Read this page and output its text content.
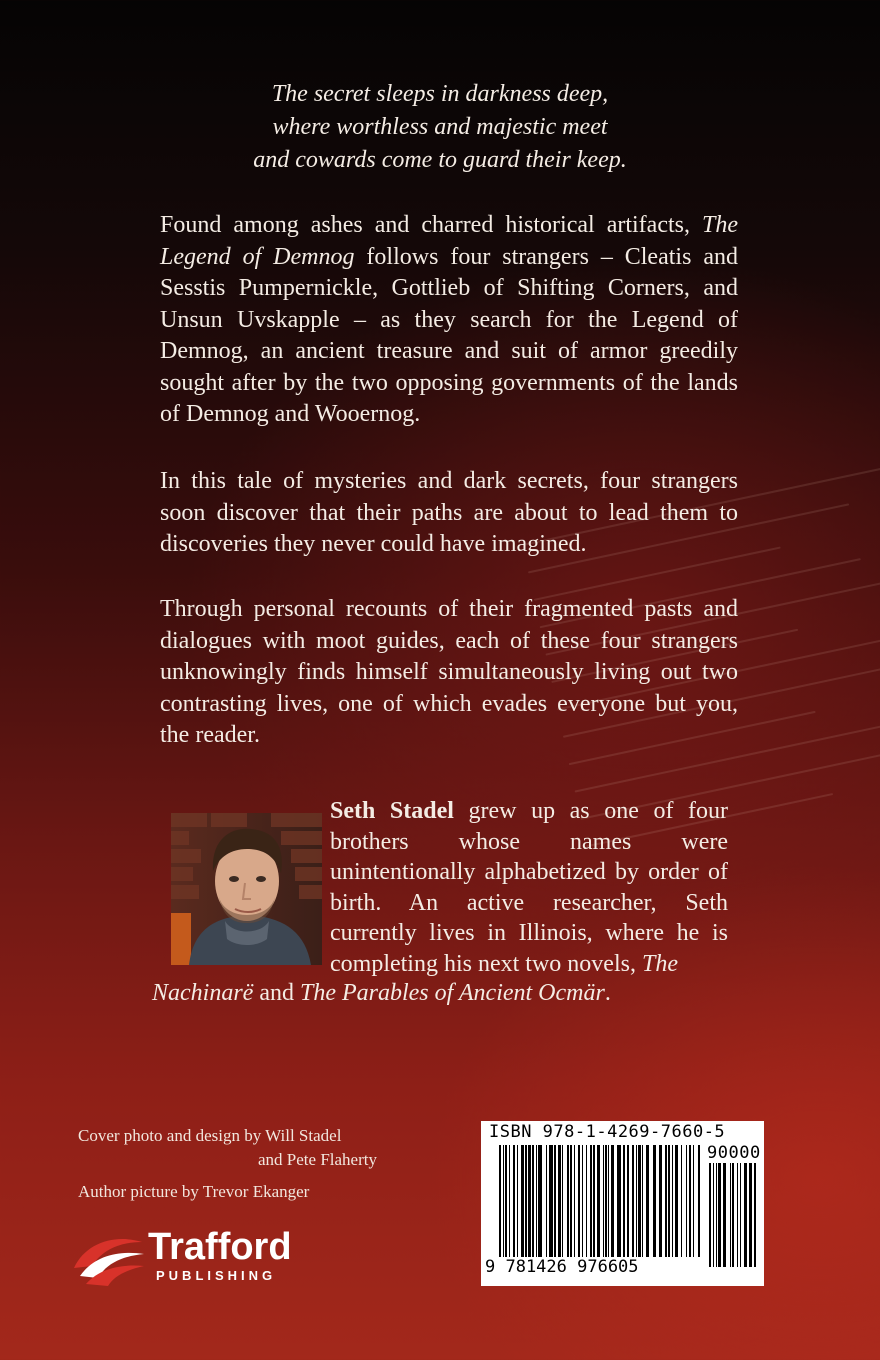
The secret sleeps in darkness deep,
where worthless and majestic meet
and cowards come to guard their keep.

Found among ashes and charred historical artifacts, The Legend of Demnog follows four strangers – Cleatis and Sesstis Pumpernickle, Gottlieb of Shifting Corners, and Unsun Uvskapple – as they search for the Legend of Demnog, an ancient treasure and suit of armor greedily sought after by the two opposing governments of the lands of Demnog and Wooernog.

In this tale of mysteries and dark secrets, four strangers soon discover that their paths are about to lead them to discoveries they never could have imagined.

Through personal recounts of their fragmented pasts and dialogues with moot guides, each of these four strangers unknowingly finds himself simultaneously living out two contrasting lives, one of which evades everyone but you, the reader.

Seth Stadel grew up as one of four brothers whose names were unintentionally alphabetized by order of birth. An active researcher, Seth currently lives in Illinois, where he is completing his next two novels, The

Nachinarë and The Parables of Ancient Ocmär.

Cover photo and design by Will Stadel
and Pete Flaherty
Author picture by Trevor Ekanger
Trafford
PUBLISHING
ISBN 978-1-4269-7660-5
90000
9 781426 976605
